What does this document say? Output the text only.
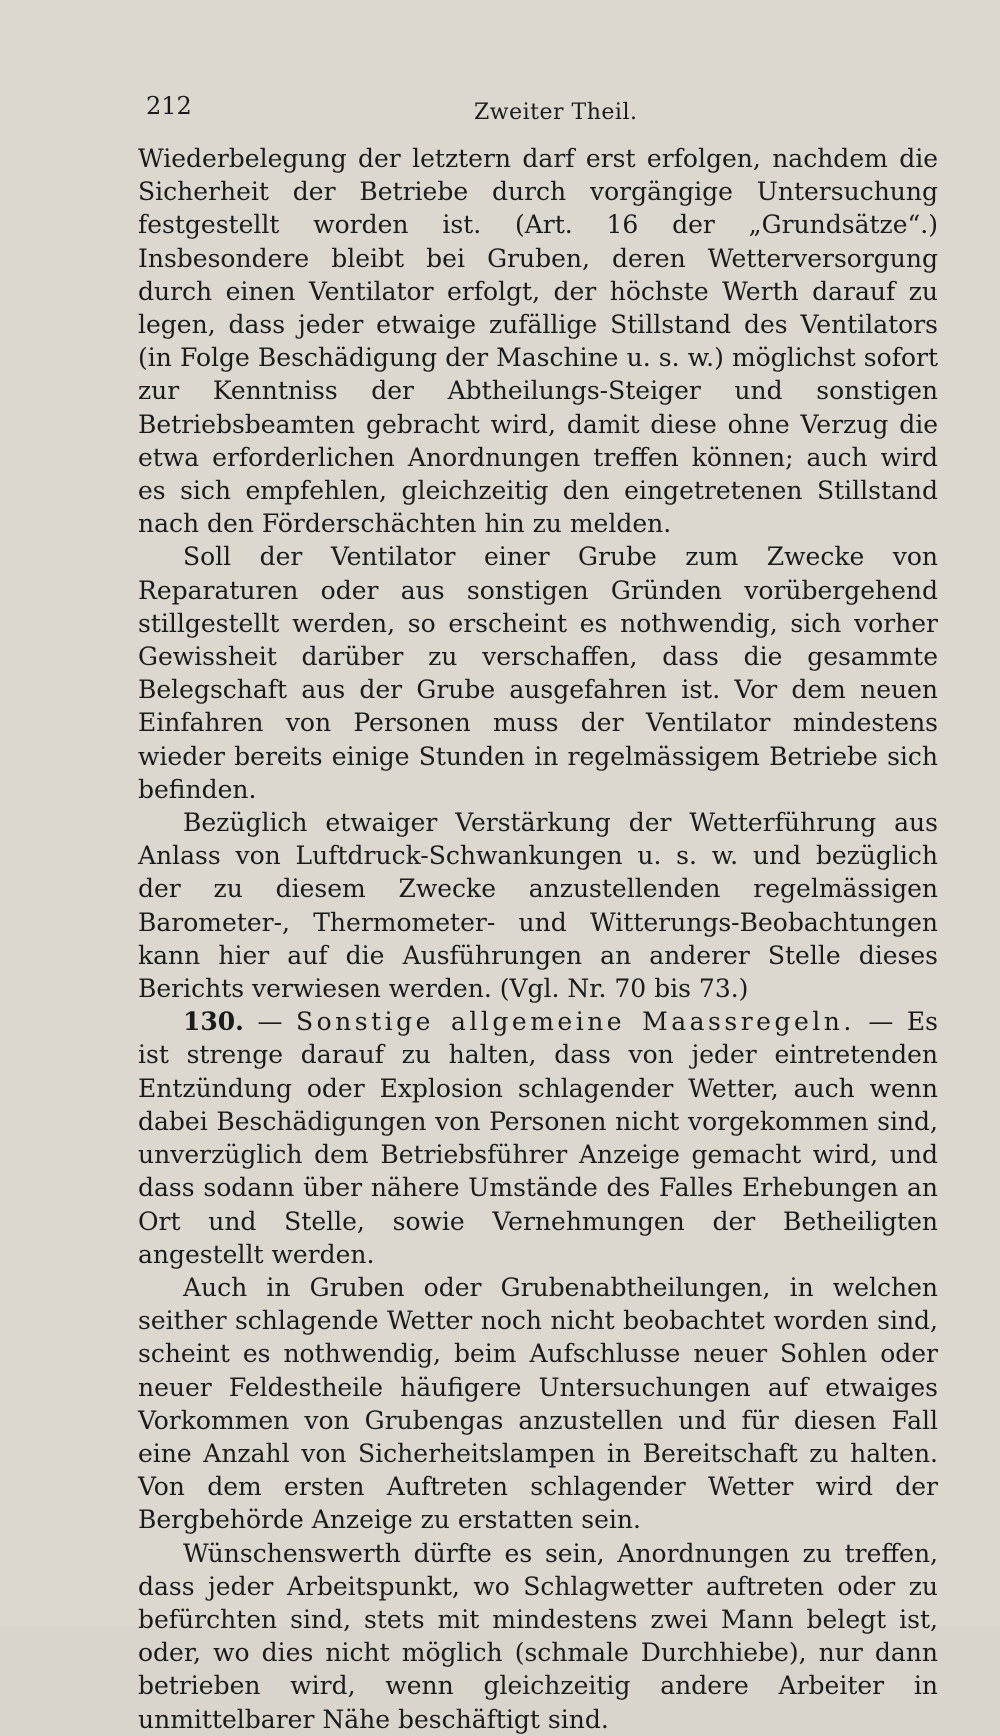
212	Zweiter Theil.

Wiederbelegung der letztern darf erst erfolgen, nachdem die Sicherheit der Betriebe durch vorgängige Untersuchung festgestellt worden ist. (Art. 16 der „Grundsätze“.) Insbesondere bleibt bei Gruben, deren Wetterversorgung durch einen Ventilator erfolgt, der höchste Werth darauf zu legen, dass jeder etwaige zufällige Stillstand des Ventilators (in Folge Beschädigung der Maschine u. s. w.) möglichst sofort zur Kenntniss der Abtheilungs-Steiger und sonstigen Betriebsbeamten gebracht wird, damit diese ohne Verzug die etwa erforderlichen Anordnungen treffen können; auch wird es sich empfehlen, gleichzeitig den eingetretenen Stillstand nach den Förderschächten hin zu melden.

Soll der Ventilator einer Grube zum Zwecke von Reparaturen oder aus sonstigen Gründen vorübergehend stillgestellt werden, so erscheint es nothwendig, sich vorher Gewissheit darüber zu verschaffen, dass die gesammte Belegschaft aus der Grube ausgefahren ist. Vor dem neuen Einfahren von Personen muss der Ventilator mindestens wieder bereits einige Stunden in regelmässigem Betriebe sich befinden.

Bezüglich etwaiger Verstärkung der Wetterführung aus Anlass von Luftdruck-Schwankungen u. s. w. und bezüglich der zu diesem Zwecke anzustellenden regelmässigen Barometer-, Thermometer- und Witterungs-Beobachtungen kann hier auf die Ausführungen an anderer Stelle dieses Berichts verwiesen werden. (Vgl. Nr. 70 bis 73.)

130. — Sonstige allgemeine Maassregeln. — Es ist strenge darauf zu halten, dass von jeder eintretenden Entzündung oder Explosion schlagender Wetter, auch wenn dabei Beschädigungen von Personen nicht vorgekommen sind, unverzüglich dem Betriebsführer Anzeige gemacht wird, und dass sodann über nähere Umstände des Falles Erhebungen an Ort und Stelle, sowie Vernehmungen der Betheiligten angestellt werden.

Auch in Gruben oder Grubenabtheilungen, in welchen seither schlagende Wetter noch nicht beobachtet worden sind, scheint es nothwendig, beim Aufschlusse neuer Sohlen oder neuer Feldestheile häufigere Untersuchungen auf etwaiges Vorkommen von Grubengas anzustellen und für diesen Fall eine Anzahl von Sicherheitslampen in Bereitschaft zu halten. Von dem ersten Auftreten schlagender Wetter wird der Bergbehörde Anzeige zu erstatten sein.

Wünschenswerth dürfte es sein, Anordnungen zu treffen, dass jeder Arbeitspunkt, wo Schlagwetter auftreten oder zu befürchten sind, stets mit mindestens zwei Mann belegt ist, oder, wo dies nicht möglich (schmale Durchhiebe), nur dann betrieben wird, wenn gleichzeitig andere Arbeiter in unmittelbarer Nähe beschäftigt sind.
